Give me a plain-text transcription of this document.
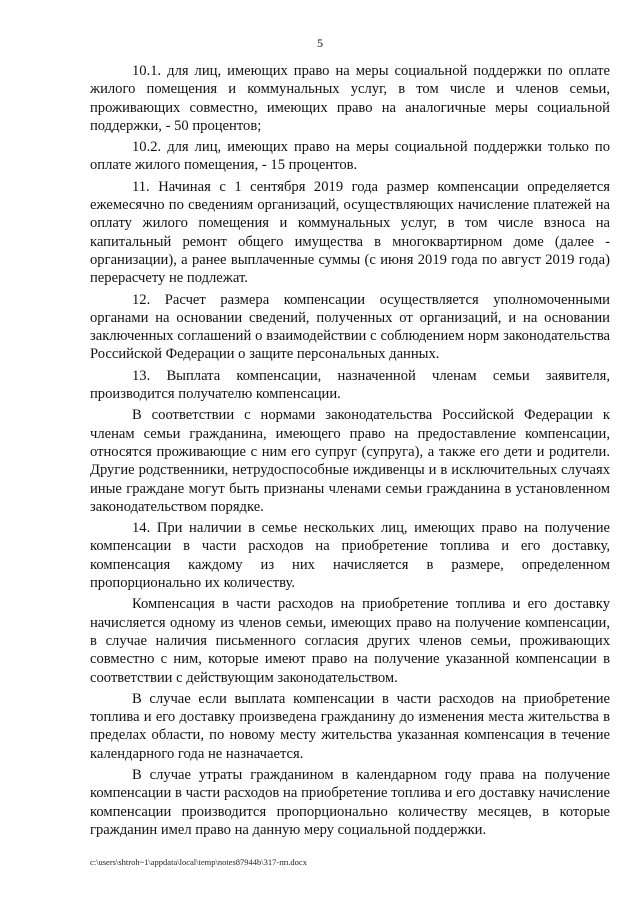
5

10.1. для лиц, имеющих право на меры социальной поддержки по оплате жилого помещения и коммунальных услуг, в том числе и членов семьи, проживающих совместно, имеющих право на аналогичные меры социальной поддержки, - 50 процентов;

10.2. для лиц, имеющих право на меры социальной поддержки только по оплате жилого помещения, - 15 процентов.

11. Начиная с 1 сентября 2019 года размер компенсации определяется ежемесячно по сведениям организаций, осуществляющих начисление платежей на оплату жилого помещения и коммунальных услуг, в том числе взноса на капитальный ремонт общего имущества в многоквартирном доме (далее - организации), а ранее выплаченные суммы (с июня 2019 года по август 2019 года) перерасчету не подлежат.

12. Расчет размера компенсации осуществляется уполномоченными органами на основании сведений, полученных от организаций, и на основании заключенных соглашений о взаимодействии с соблюдением норм законодательства Российской Федерации о защите персональных данных.

13. Выплата компенсации, назначенной членам семьи заявителя, производится получателю компенсации.

В соответствии с нормами законодательства Российской Федерации к членам семьи гражданина, имеющего право на предоставление компенсации, относятся проживающие с ним его супруг (супруга), а также его дети и родители. Другие родственники, нетрудоспособные иждивенцы и в исключительных случаях иные граждане могут быть признаны членами семьи гражданина в установленном законодательством порядке.

14. При наличии в семье нескольких лиц, имеющих право на получение компенсации в части расходов на приобретение топлива и его доставку, компенсация каждому из них начисляется в размере, определенном пропорционально их количеству.

Компенсация в части расходов на приобретение топлива и его доставку начисляется одному из членов семьи, имеющих право на получение компенсации, в случае наличия письменного согласия других членов семьи, проживающих совместно с ним, которые имеют право на получение указанной компенсации в соответствии с действующим законодательством.

В случае если выплата компенсации в части расходов на приобретение топлива и его доставку произведена гражданину до изменения места жительства в пределах области, по новому месту жительства указанная компенсация в течение календарного года не назначается.

В случае утраты гражданином в календарном году права на получение компенсации в части расходов на приобретение топлива и его доставку начисление компенсации производится пропорционально количеству месяцев, в которые гражданин имел право на данную меру социальной поддержки.

c:\users\shtroh~1\appdata\local\temp\notes87944b\317-пп.docx
